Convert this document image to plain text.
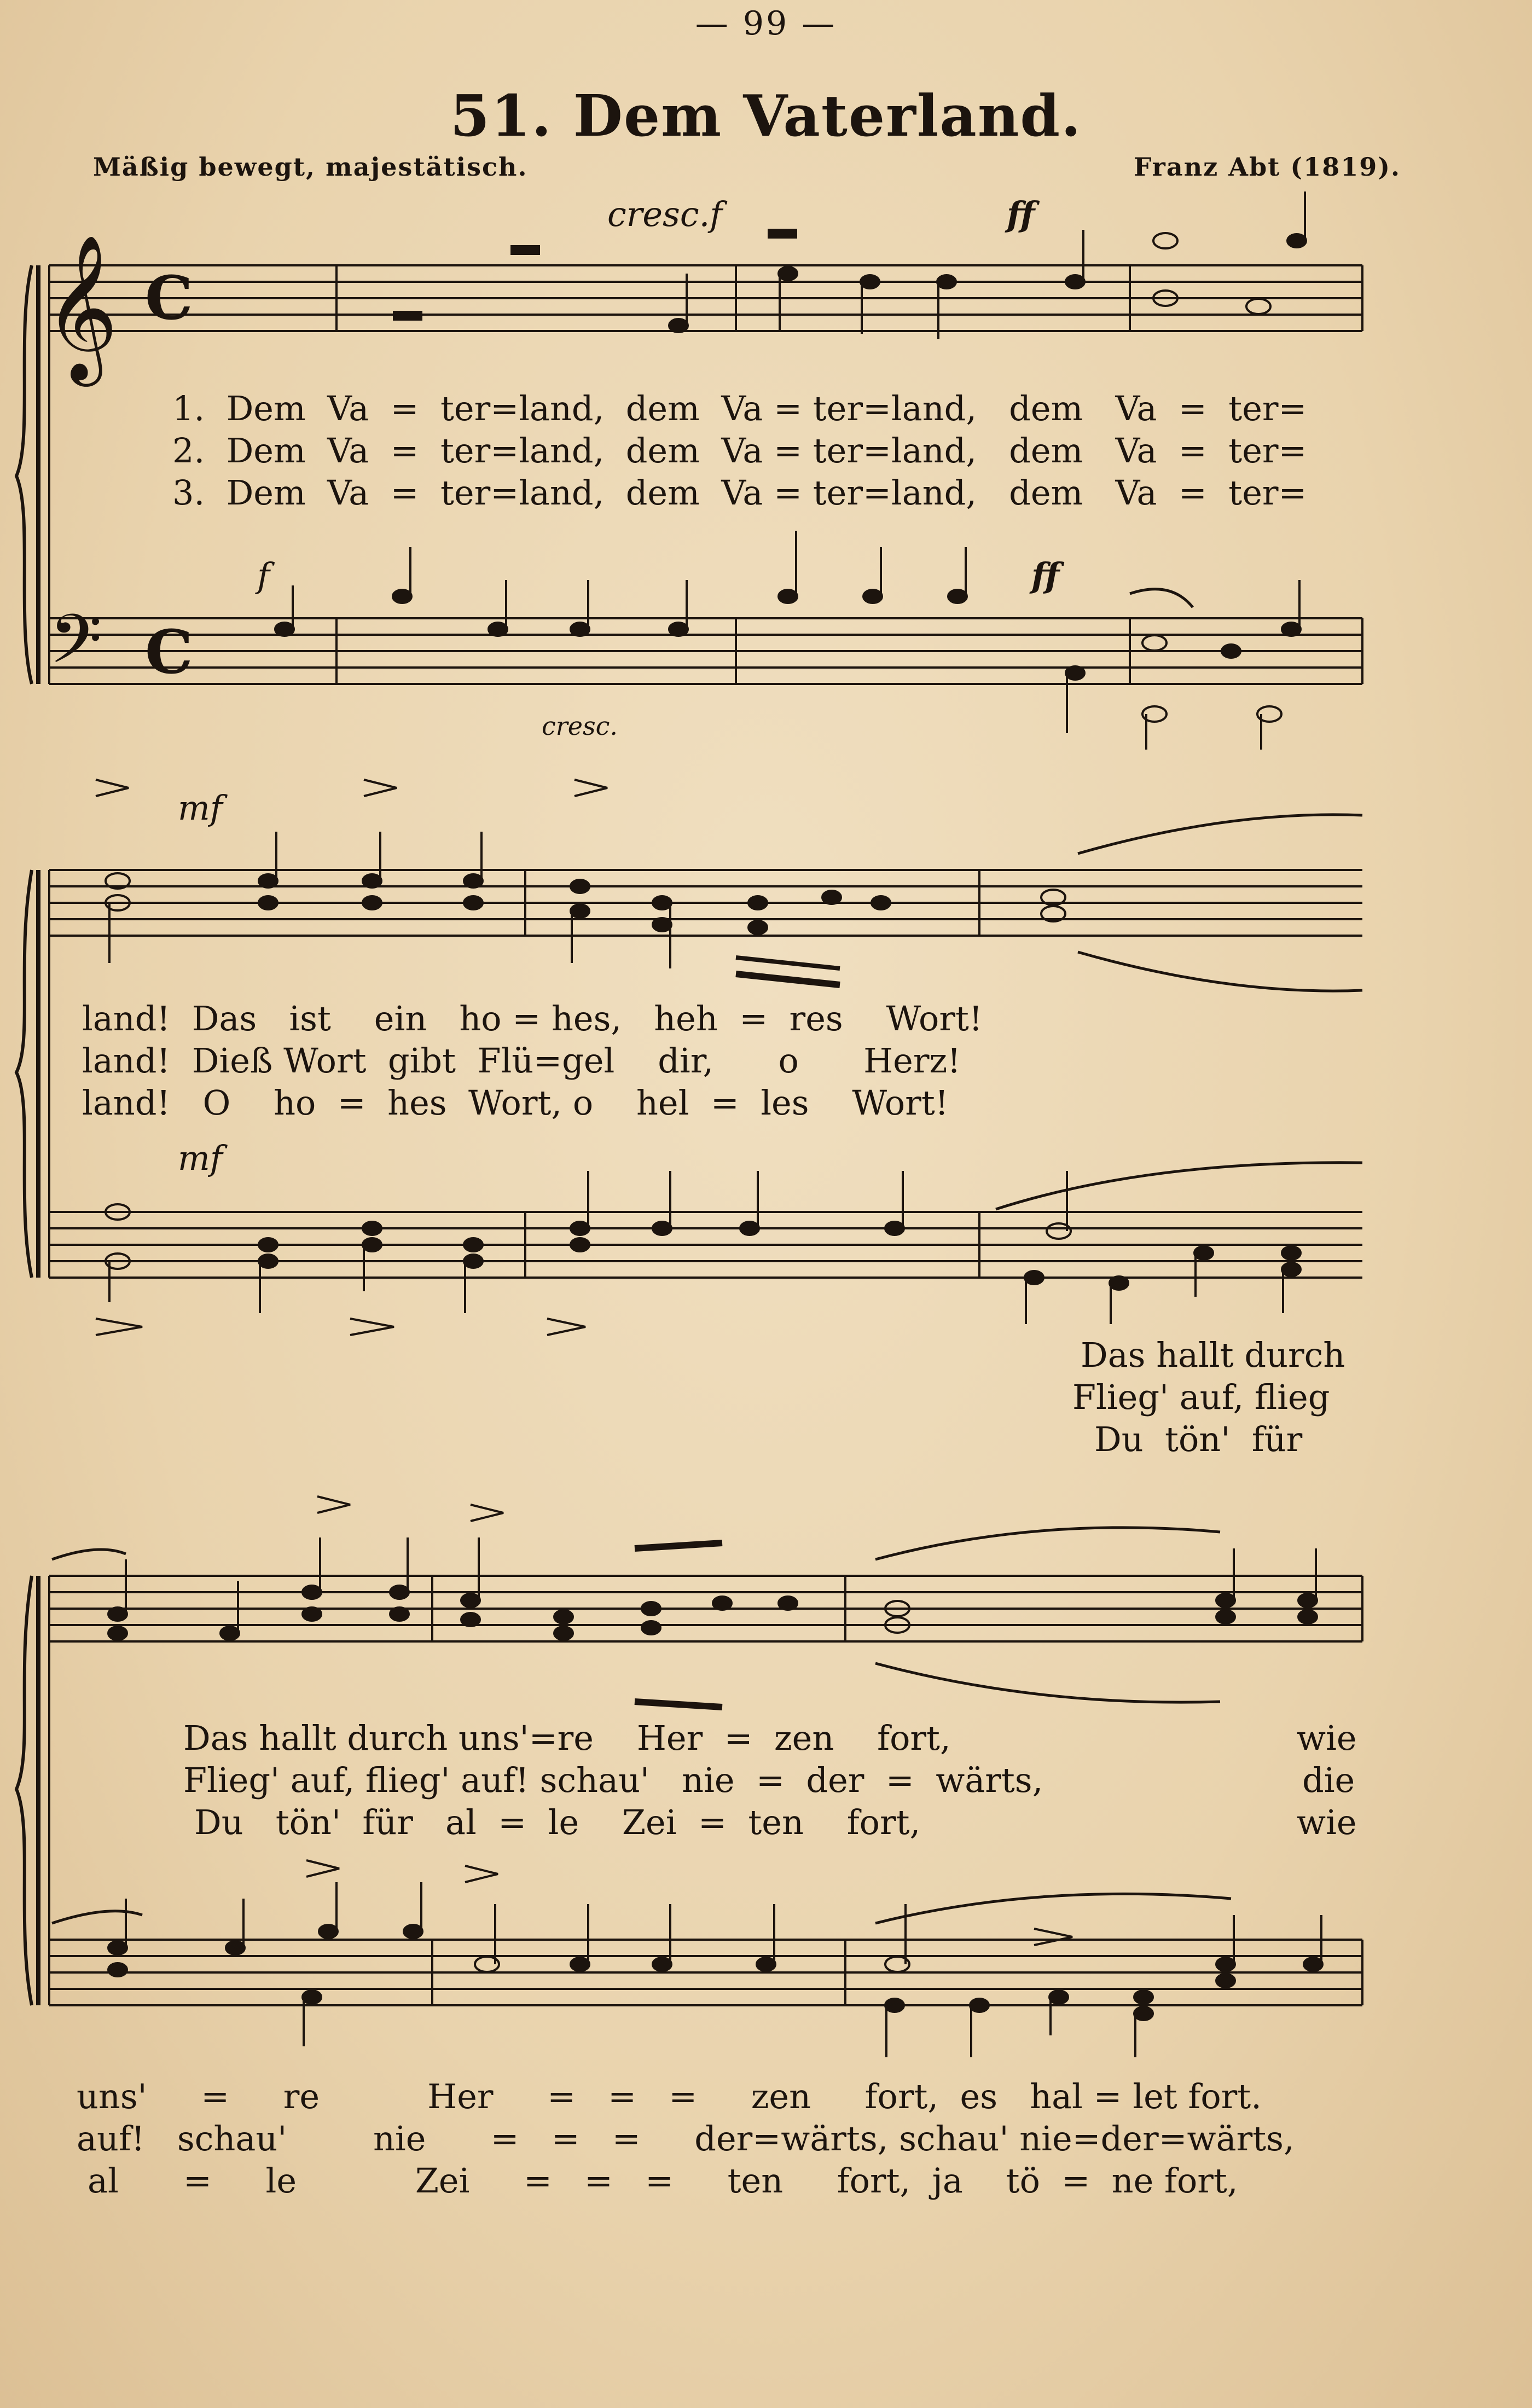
— 99 —
51. Dem Vaterland.
Mäßig bewegt, majestätisch.	Franz Abt (1819).
𝄞 C
𝄢 C
cresc.f	ff
f
cresc.
ff
mf
mf
1.  Dem  Va  =  ter=land,  dem  Va = ter=land,   dem   Va  =  ter=
2.  Dem  Va  =  ter=land,  dem  Va = ter=land,   dem   Va  =  ter=
3.  Dem  Va  =  ter=land,  dem  Va = ter=land,   dem   Va  =  ter=
land!  Das   ist    ein   ho = hes,   heh  =  res    Wort!
land!  Dieß Wort  gibt  Flü=gel    dir,      o      Herz!
land!   O    ho  =  hes  Wort, o    hel  =  les    Wort!
Das hallt durch
Flieg' auf, flieg
Du  tön'  für
Das hallt durch uns'=re    Her  =  zen    fort,
Flieg' auf, flieg' auf! schau'   nie  =  der  =  wärts,
Du   tön'  für   al  =  le    Zei  =  ten    fort,
wie
die
wie
uns'     =     re          Her     =   =   =     zen     fort,  es   hal = let fort.
auf!   schau'        nie      =   =   =     der=wärts, schau' nie=der=wärts,
al      =     le           Zei     =   =   =     ten     fort,  ja    tö  =  ne fort,
